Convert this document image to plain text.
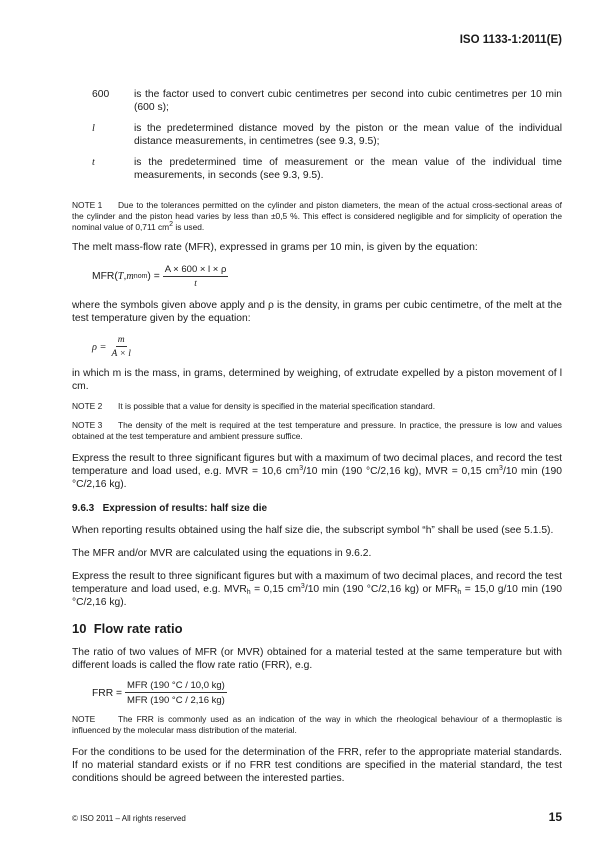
ISO 1133-1:2011(E)
600	is the factor used to convert cubic centimetres per second into cubic centimetres per 10 min (600 s);
l	is the predetermined distance moved by the piston or the mean value of the individual distance measurements, in centimetres (see 9.3, 9.5);
t	is the predetermined time of measurement or the mean value of the individual time measurements, in seconds (see 9.3, 9.5).

NOTE 1 Due to the tolerances permitted on the cylinder and piston diameters, the mean of the actual cross-sectional areas of the cylinder and the piston head varies by less than ±0,5 %. This effect is considered negligible and for simplicity of operation the nominal value of 0,711 $cm^2$ is used.

The melt mass-flow rate (MFR), expressed in grams per 10 min, is given by the equation:

MFR ( T , m nom ) = $\frac{A \times 600 \times l \times \rho}{t}$

where the symbols given above apply and ρ is the density, in grams per cubic centimetre, of the melt at the test temperature given by the equation:

$\rho = \frac{m}{A \times l}$

in which m is the mass, in grams, determined by weighing, of extrudate expelled by a piston movement of l cm.

NOTE 2 It is possible that a value for density is specified in the material specification standard.

NOTE 3 The density of the melt is required at the test temperature and pressure. In practice, the pressure is low and values obtained at the test temperature and ambient pressure suffice.

Express the result to three significant figures but with a maximum of two decimal places, and record the test temperature and load used, e.g. MVR = 10,6 $cm^3/10$ min (190 °C/2,16 kg), MVR = 0,15 $cm^3/10$ min (190 °C/2,16 kg).

9.6.3 Expression of results: half size die

When reporting results obtained using the half size die, the subscript symbol “h” shall be used (see 5.1.5).

The MFR and/or MVR are calculated using the equations in 9.6.2.

Express the result to three significant figures but with a maximum of two decimal places, and record the test temperature and load used, e.g. $MVR_h = 0,15$ $cm^3/10$ min (190 °C/2,16 kg) or $MFR_h = 15,0$ g/10 min (190 °C/2,16 kg).

10 Flow rate ratio

The ratio of two values of MFR (or MVR) obtained for a material tested at the same temperature but with different loads is called the flow rate ratio (FRR), e.g.

FRR = $\frac{\text{MFR (190 °C / 10,0 kg)}}{\text{MFR (190 °C / 2,16 kg)}}$

NOTE	The FRR is commonly used as an indication of the way in which the rheological behaviour of a thermoplastic is influenced by the molecular mass distribution of the material.

For the conditions to be used for the determination of the FRR, refer to the appropriate material standards. If no material standard exists or if no FRR test conditions are specified in the material standard, the test conditions should be agreed between the interested parties.

© ISO 2011 – All rights reserved	15
